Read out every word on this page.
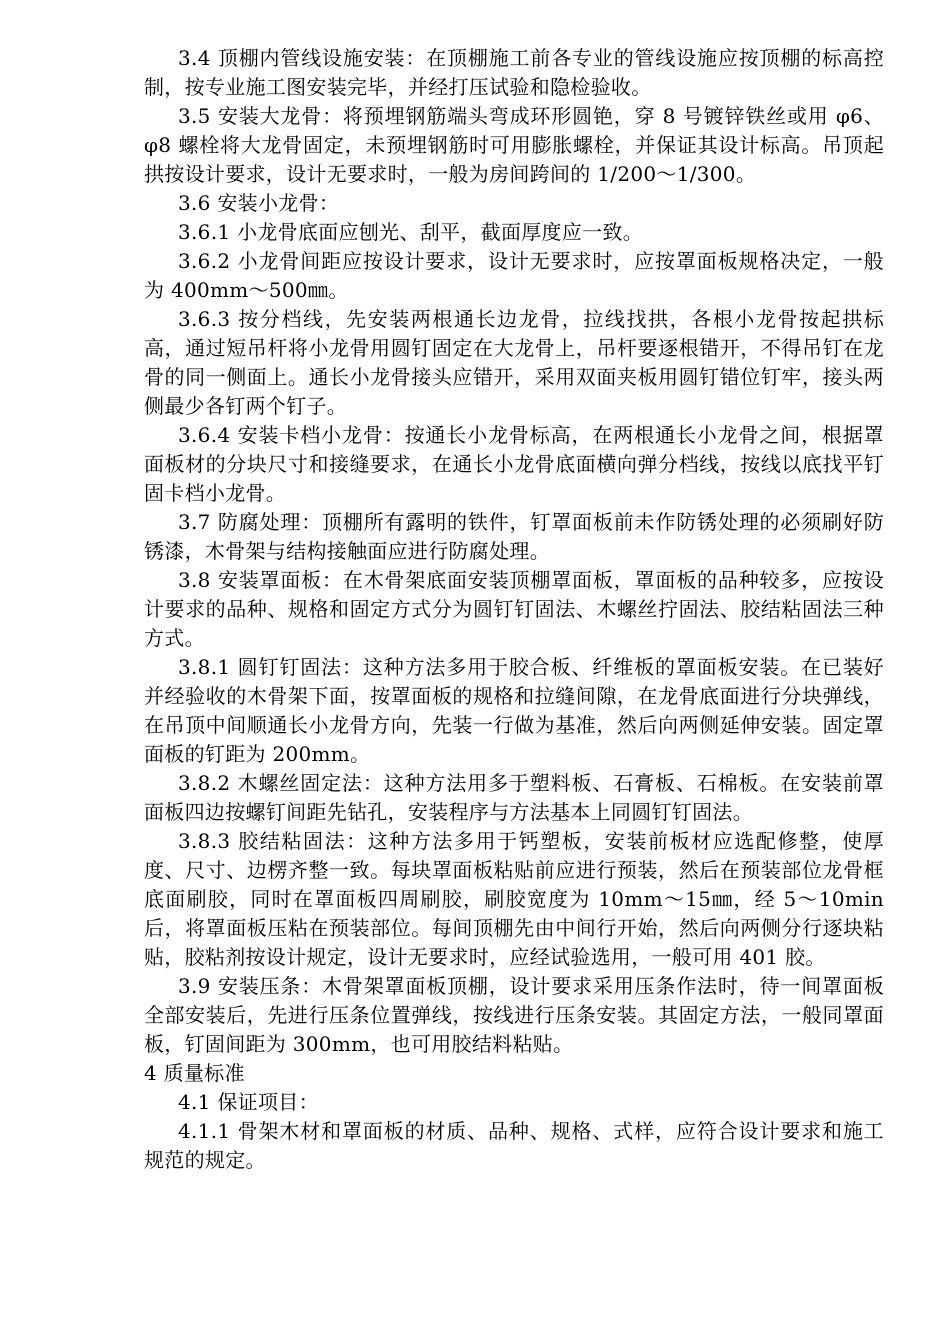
3.4 顶棚内管线设施安装：在顶棚施工前各专业的管线设施应按顶棚的标高控制，按专业施工图安装完毕，并经打压试验和隐检验收。

3.5 安装大龙骨：将预埋钢筋端头弯成环形圆铯，穿 8 号镀锌铁丝或用 φ6、 φ8 螺栓将大龙骨固定，未预埋钢筋时可用膨胀螺栓，并保证其设计标高。吊顶起拱按设计要求，设计无要求时，一般为房间跨间的 1/200～1/300。

3.6 安装小龙骨：

3.6.1 小龙骨底面应刨光、刮平，截面厚度应一致。

3.6.2 小龙骨间距应按设计要求，设计无要求时，应按罩面板规格决定，一般为 400mm～500㎜。

3.6.3 按分档线，先安装两根通长边龙骨，拉线找拱，各根小龙骨按起拱标高，通过短吊杆将小龙骨用圆钉固定在大龙骨上，吊杆要逐根错开，不得吊钉在龙骨的同一侧面上。通长小龙骨接头应错开，采用双面夹板用圆钉错位钉牢，接头两侧最少各钉两个钉子。

3.6.4 安装卡档小龙骨：按通长小龙骨标高，在两根通长小龙骨之间，根据罩面板材的分块尺寸和接缝要求，在通长小龙骨底面横向弹分档线，按线以底找平钉固卡档小龙骨。

3.7 防腐处理：顶棚所有露明的铁件，钉罩面板前未作防锈处理的必须刷好防锈漆，木骨架与结构接触面应进行防腐处理。

3.8 安装罩面板：在木骨架底面安装顶棚罩面板，罩面板的品种较多，应按设计要求的品种、规格和固定方式分为圆钉钉固法、木螺丝拧固法、胶结粘固法三种方式。

3.8.1 圆钉钉固法：这种方法多用于胶合板、纤维板的罩面板安装。在已装好并经验收的木骨架下面，按罩面板的规格和拉缝间隙，在龙骨底面进行分块弹线，在吊顶中间顺通长小龙骨方向，先装一行做为基准，然后向两侧延伸安装。固定罩面板的钉距为 200mm。

3.8.2 木螺丝固定法：这种方法用多于塑料板、石膏板、石棉板。在安装前罩面板四边按螺钉间距先钻孔，安装程序与方法基本上同圆钉钉固法。

3.8.3 胶结粘固法：这种方法多用于钙塑板，安装前板材应选配修整，使厚度、尺寸、边楞齐整一致。每块罩面板粘贴前应进行预装，然后在预装部位龙骨框底面刷胶，同时在罩面板四周刷胶，刷胶宽度为 10mm～15㎜，经 5～10min 后，将罩面板压粘在预装部位。每间顶棚先由中间行开始，然后向两侧分行逐块粘贴，胶粘剂按设计规定，设计无要求时，应经试验选用，一般可用 401 胶。

3.9 安装压条：木骨架罩面板顶棚，设计要求采用压条作法时，待一间罩面板全部安装后，先进行压条位置弹线，按线进行压条安装。其固定方法，一般同罩面板，钉固间距为 300mm，也可用胶结料粘贴。

4 质量标准

4.1 保证项目：

4.1.1 骨架木材和罩面板的材质、品种、规格、式样，应符合设计要求和施工规范的规定。
